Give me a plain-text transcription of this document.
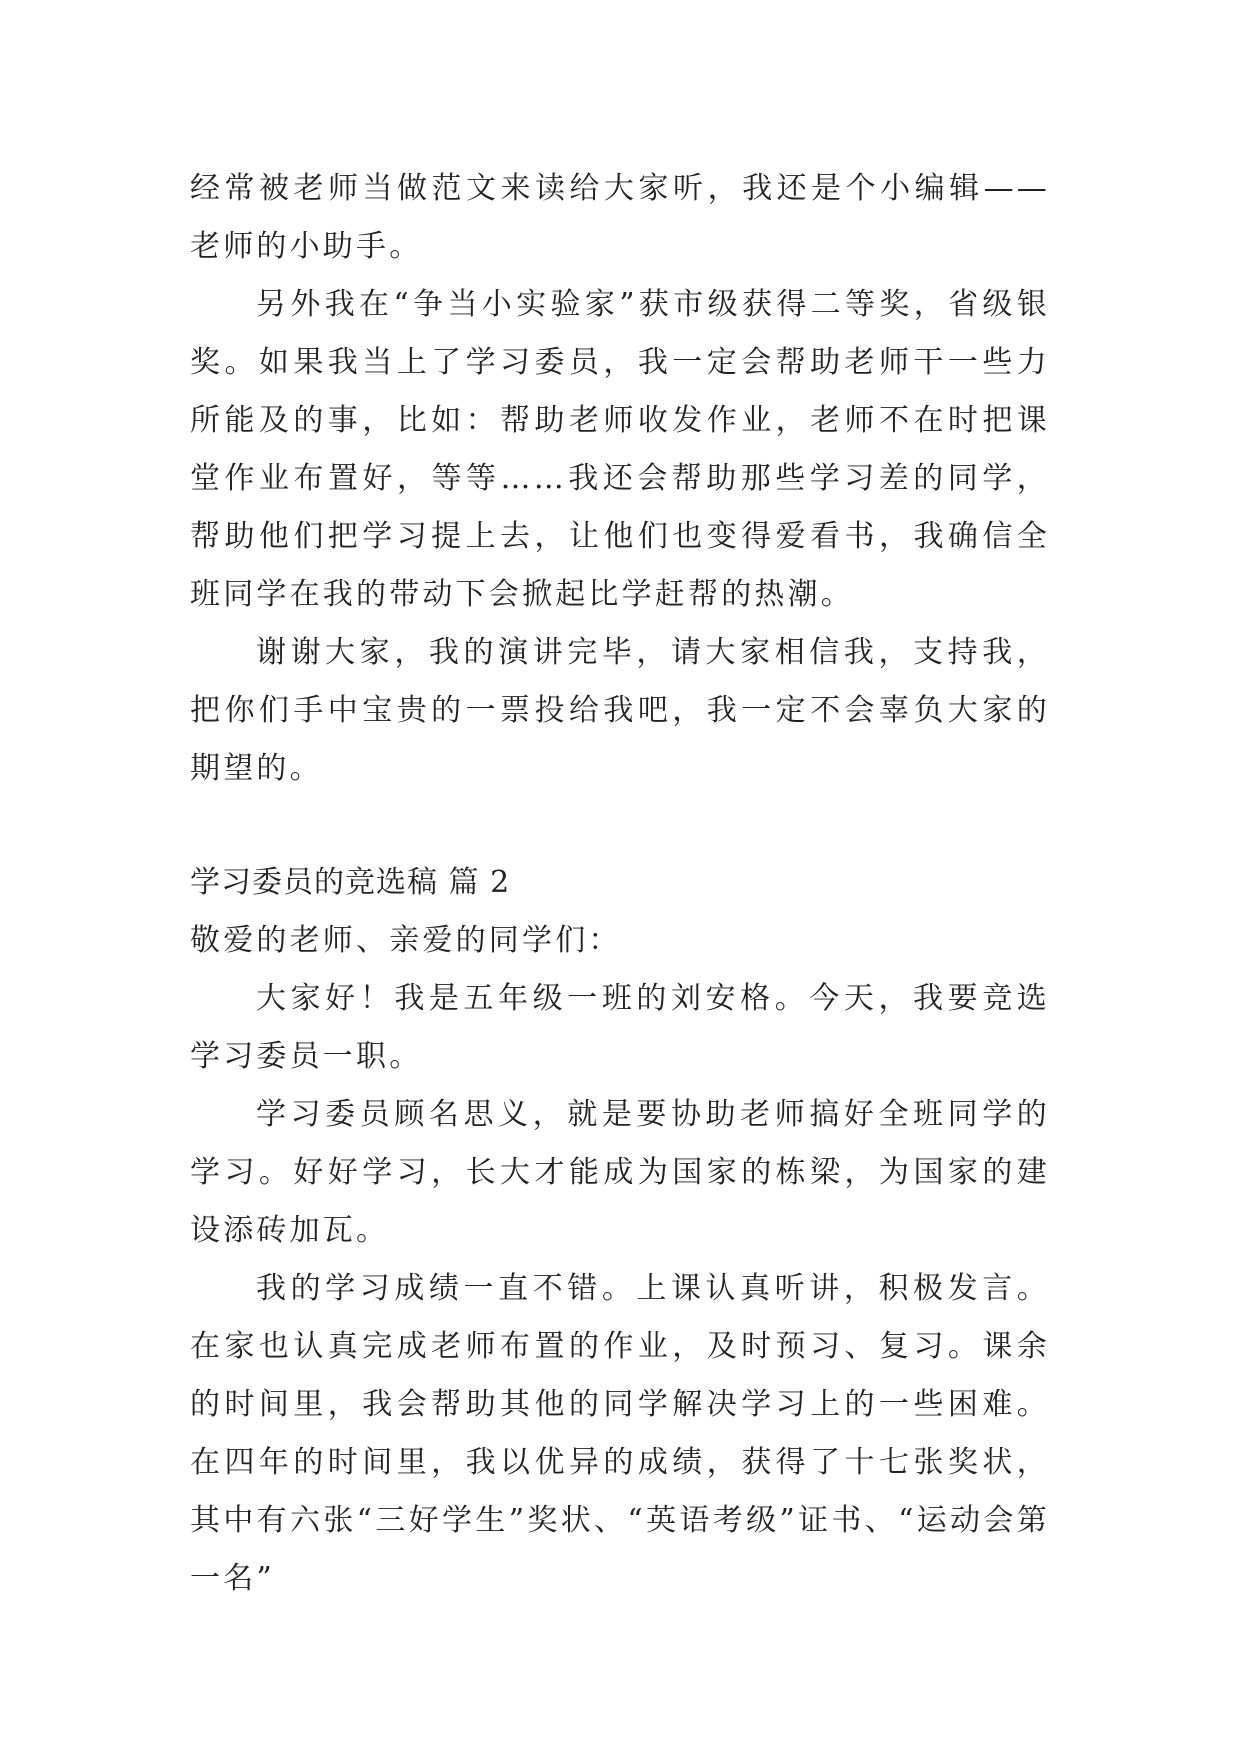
经常被老师当做范文来读给大家听，我还是个小编辑——老师的小助手。

另外我在“争当小实验家”获市级获得二等奖，省级银奖。如果我当上了学习委员，我一定会帮助老师干一些力所能及的事，比如：帮助老师收发作业，老师不在时把课堂作业布置好，等等……我还会帮助那些学习差的同学，帮助他们把学习提上去，让他们也变得爱看书，我确信全班同学在我的带动下会掀起比学赶帮的热潮。

谢谢大家，我的演讲完毕，请大家相信我，支持我，把你们手中宝贵的一票投给我吧，我一定不会辜负大家的期望的。

学习委员的竞选稿 篇 2

敬爱的老师、亲爱的同学们：

大家好！我是五年级一班的刘安格。今天，我要竞选学习委员一职。

学习委员顾名思义，就是要协助老师搞好全班同学的学习。好好学习，长大才能成为国家的栋梁，为国家的建设添砖加瓦。

我的学习成绩一直不错。上课认真听讲，积极发言。在家也认真完成老师布置的作业，及时预习、复习。课余的时间里，我会帮助其他的同学解决学习上的一些困难。在四年的时间里，我以优异的成绩，获得了十七张奖状，其中有六张“三好学生”奖状、“英语考级”证书、“运动会第一名”
